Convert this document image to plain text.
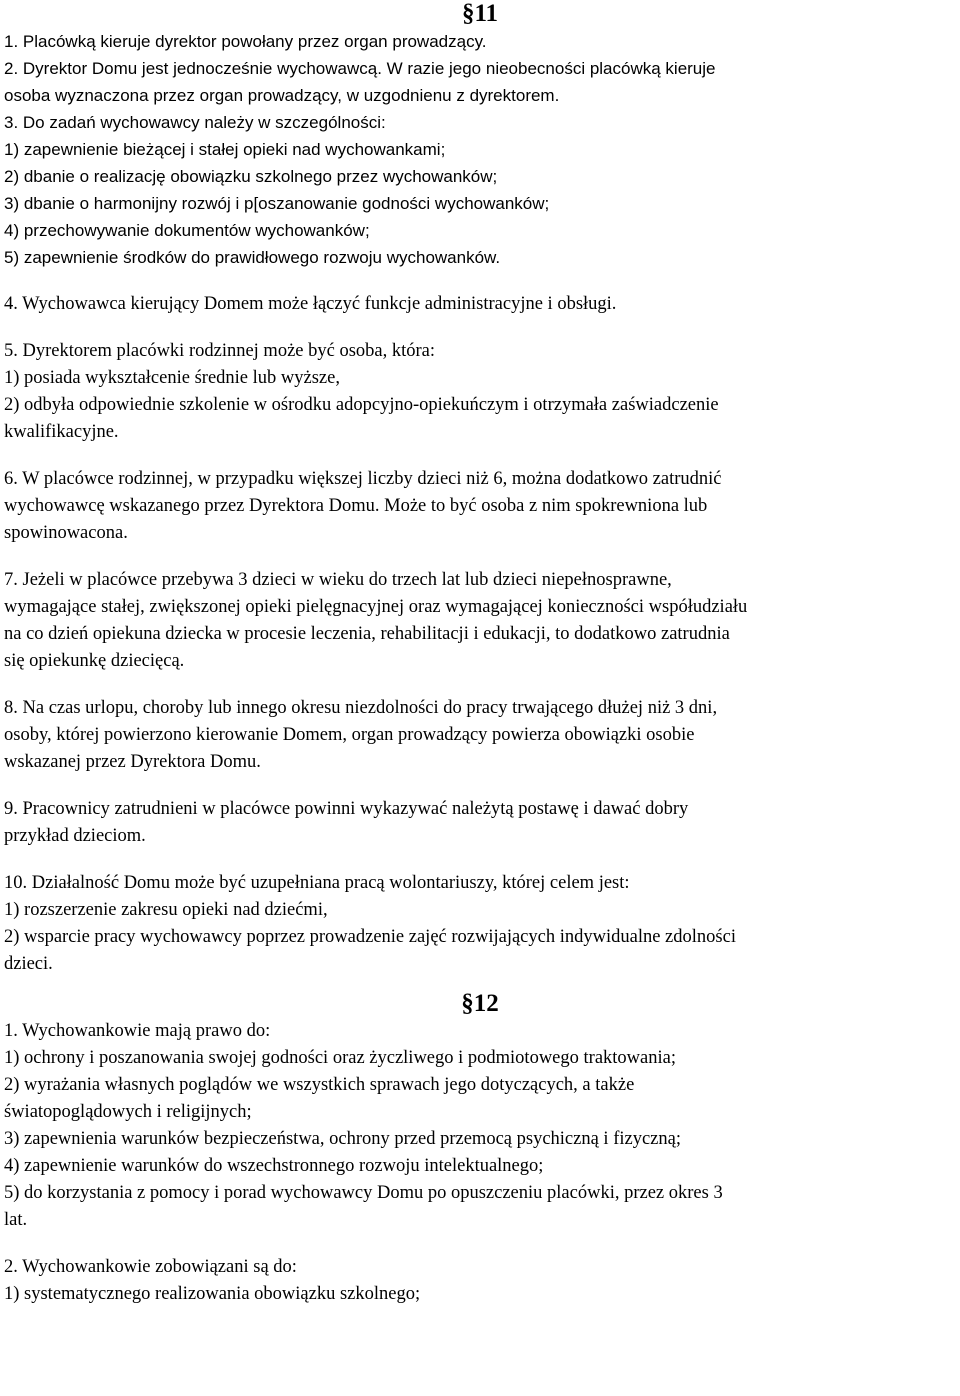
§11
1. Placówką kieruje dyrektor powołany przez organ prowadzący.
2. Dyrektor Domu jest jednocześnie wychowawcą. W razie jego nieobecności placówką kieruje
osoba wyznaczona przez organ prowadzący, w uzgodnienu z dyrektorem.
3. Do zadań wychowawcy należy w szczególności:
1) zapewnienie bieżącej i stałej opieki nad wychowankami;
2) dbanie o realizację obowiązku szkolnego przez wychowanków;
3) dbanie o harmonijny rozwój i p[oszanowanie godności wychowanków;
4) przechowywanie dokumentów wychowanków;
5) zapewnienie środków do prawidłowego rozwoju wychowanków.
4. Wychowawca kierujący Domem może łączyć funkcje administracyjne i obsługi.
5. Dyrektorem placówki rodzinnej może być osoba, która:
1) posiada wykształcenie średnie lub wyższe,
2) odbyła odpowiednie szkolenie w ośrodku adopcyjno-opiekuńczym i otrzymała zaświadczenie
kwalifikacyjne.
6. W placówce rodzinnej, w przypadku większej liczby dzieci niż 6, można dodatkowo zatrudnić
wychowawcę wskazanego przez Dyrektora Domu. Może to być osoba z nim spokrewniona lub
spowinowacona.
7. Jeżeli w placówce przebywa 3 dzieci w wieku do trzech lat lub dzieci niepełnosprawne,
wymagające stałej, zwiększonej opieki pielęgnacyjnej oraz wymagającej konieczności współudziału
na co dzień opiekuna dziecka w procesie leczenia, rehabilitacji i edukacji, to dodatkowo zatrudnia
się opiekunkę dziecięcą.
8. Na czas urlopu, choroby lub innego okresu niezdolności do pracy trwającego dłużej niż 3 dni,
osoby, której powierzono kierowanie Domem, organ prowadzący powierza obowiązki osobie
wskazanej przez Dyrektora Domu.
9. Pracownicy zatrudnieni w placówce powinni wykazywać należytą postawę i dawać dobry
przykład dzieciom.
10. Działalność Domu może być uzupełniana pracą wolontariuszy, której celem jest:
1) rozszerzenie zakresu opieki nad dziećmi,
2) wsparcie pracy wychowawcy poprzez prowadzenie zajęć rozwijających indywidualne zdolności
dzieci.
§12
1. Wychowankowie mają prawo do:
1) ochrony i poszanowania swojej godności oraz życzliwego i podmiotowego traktowania;
2) wyrażania własnych poglądów we wszystkich sprawach jego dotyczących, a także
światopoglądowych i religijnych;
3) zapewnienia warunków bezpieczeństwa, ochrony przed przemocą psychiczną i fizyczną;
4) zapewnienie warunków do wszechstronnego rozwoju intelektualnego;
5) do korzystania z pomocy i porad wychowawcy Domu po opuszczeniu placówki, przez okres 3
lat.
2. Wychowankowie zobowiązani są do:
1) systematycznego realizowania obowiązku szkolnego;
